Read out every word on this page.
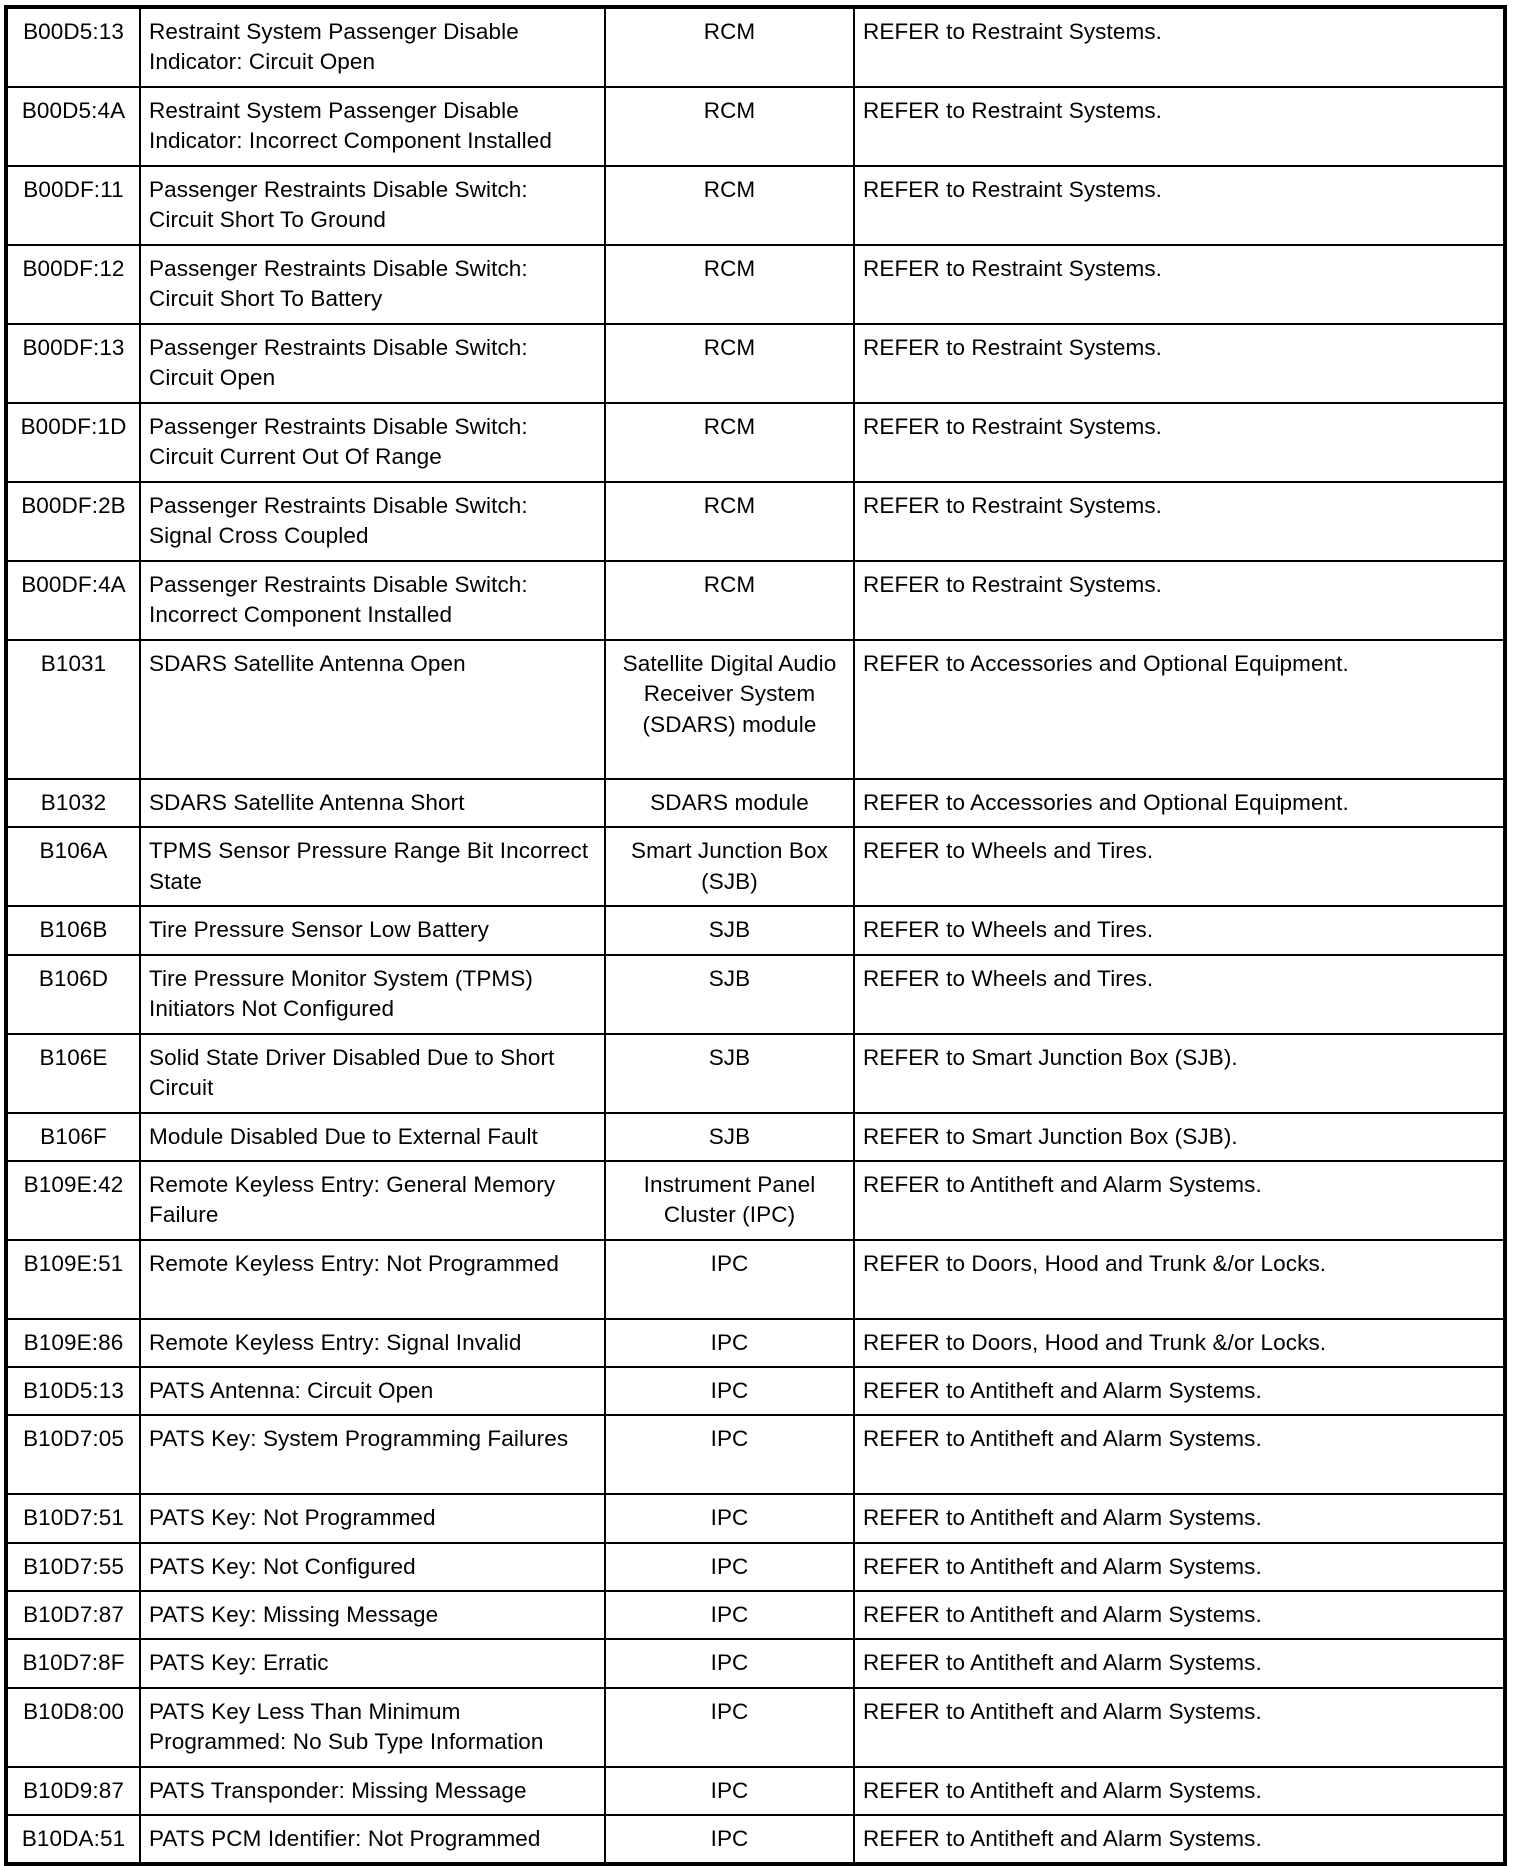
B00D5:13	Restraint System Passenger Disable Indicator: Circuit Open	RCM	REFER to Restraint Systems.
B00D5:4A	Restraint System Passenger Disable Indicator: Incorrect Component Installed	RCM	REFER to Restraint Systems.
B00DF:11	Passenger Restraints Disable Switch: Circuit Short To Ground	RCM	REFER to Restraint Systems.
B00DF:12	Passenger Restraints Disable Switch: Circuit Short To Battery	RCM	REFER to Restraint Systems.
B00DF:13	Passenger Restraints Disable Switch: Circuit Open	RCM	REFER to Restraint Systems.
B00DF:1D	Passenger Restraints Disable Switch: Circuit Current Out Of Range	RCM	REFER to Restraint Systems.
B00DF:2B	Passenger Restraints Disable Switch: Signal Cross Coupled	RCM	REFER to Restraint Systems.
B00DF:4A	Passenger Restraints Disable Switch: Incorrect Component Installed	RCM	REFER to Restraint Systems.
B1031	SDARS Satellite Antenna Open	Satellite Digital Audio Receiver System (SDARS) module	REFER to Accessories and Optional Equipment.
B1032	SDARS Satellite Antenna Short	SDARS module	REFER to Accessories and Optional Equipment.
B106A	TPMS Sensor Pressure Range Bit Incorrect State	Smart Junction Box (SJB)	REFER to Wheels and Tires.
B106B	Tire Pressure Sensor Low Battery	SJB	REFER to Wheels and Tires.
B106D	Tire Pressure Monitor System (TPMS) Initiators Not Configured	SJB	REFER to Wheels and Tires.
B106E	Solid State Driver Disabled Due to Short Circuit	SJB	REFER to Smart Junction Box (SJB).
B106F	Module Disabled Due to External Fault	SJB	REFER to Smart Junction Box (SJB).
B109E:42	Remote Keyless Entry: General Memory Failure	Instrument Panel Cluster (IPC)	REFER to Antitheft and Alarm Systems.
B109E:51	Remote Keyless Entry: Not Programmed	IPC	REFER to Doors, Hood and Trunk &/or Locks.
B109E:86	Remote Keyless Entry: Signal Invalid	IPC	REFER to Doors, Hood and Trunk &/or Locks.
B10D5:13	PATS Antenna: Circuit Open	IPC	REFER to Antitheft and Alarm Systems.
B10D7:05	PATS Key: System Programming Failures	IPC	REFER to Antitheft and Alarm Systems.
B10D7:51	PATS Key: Not Programmed	IPC	REFER to Antitheft and Alarm Systems.
B10D7:55	PATS Key: Not Configured	IPC	REFER to Antitheft and Alarm Systems.
B10D7:87	PATS Key: Missing Message	IPC	REFER to Antitheft and Alarm Systems.
B10D7:8F	PATS Key: Erratic	IPC	REFER to Antitheft and Alarm Systems.
B10D8:00	PATS Key Less Than Minimum Programmed: No Sub Type Information	IPC	REFER to Antitheft and Alarm Systems.
B10D9:87	PATS Transponder: Missing Message	IPC	REFER to Antitheft and Alarm Systems.
B10DA:51	PATS PCM Identifier: Not Programmed	IPC	REFER to Antitheft and Alarm Systems.
